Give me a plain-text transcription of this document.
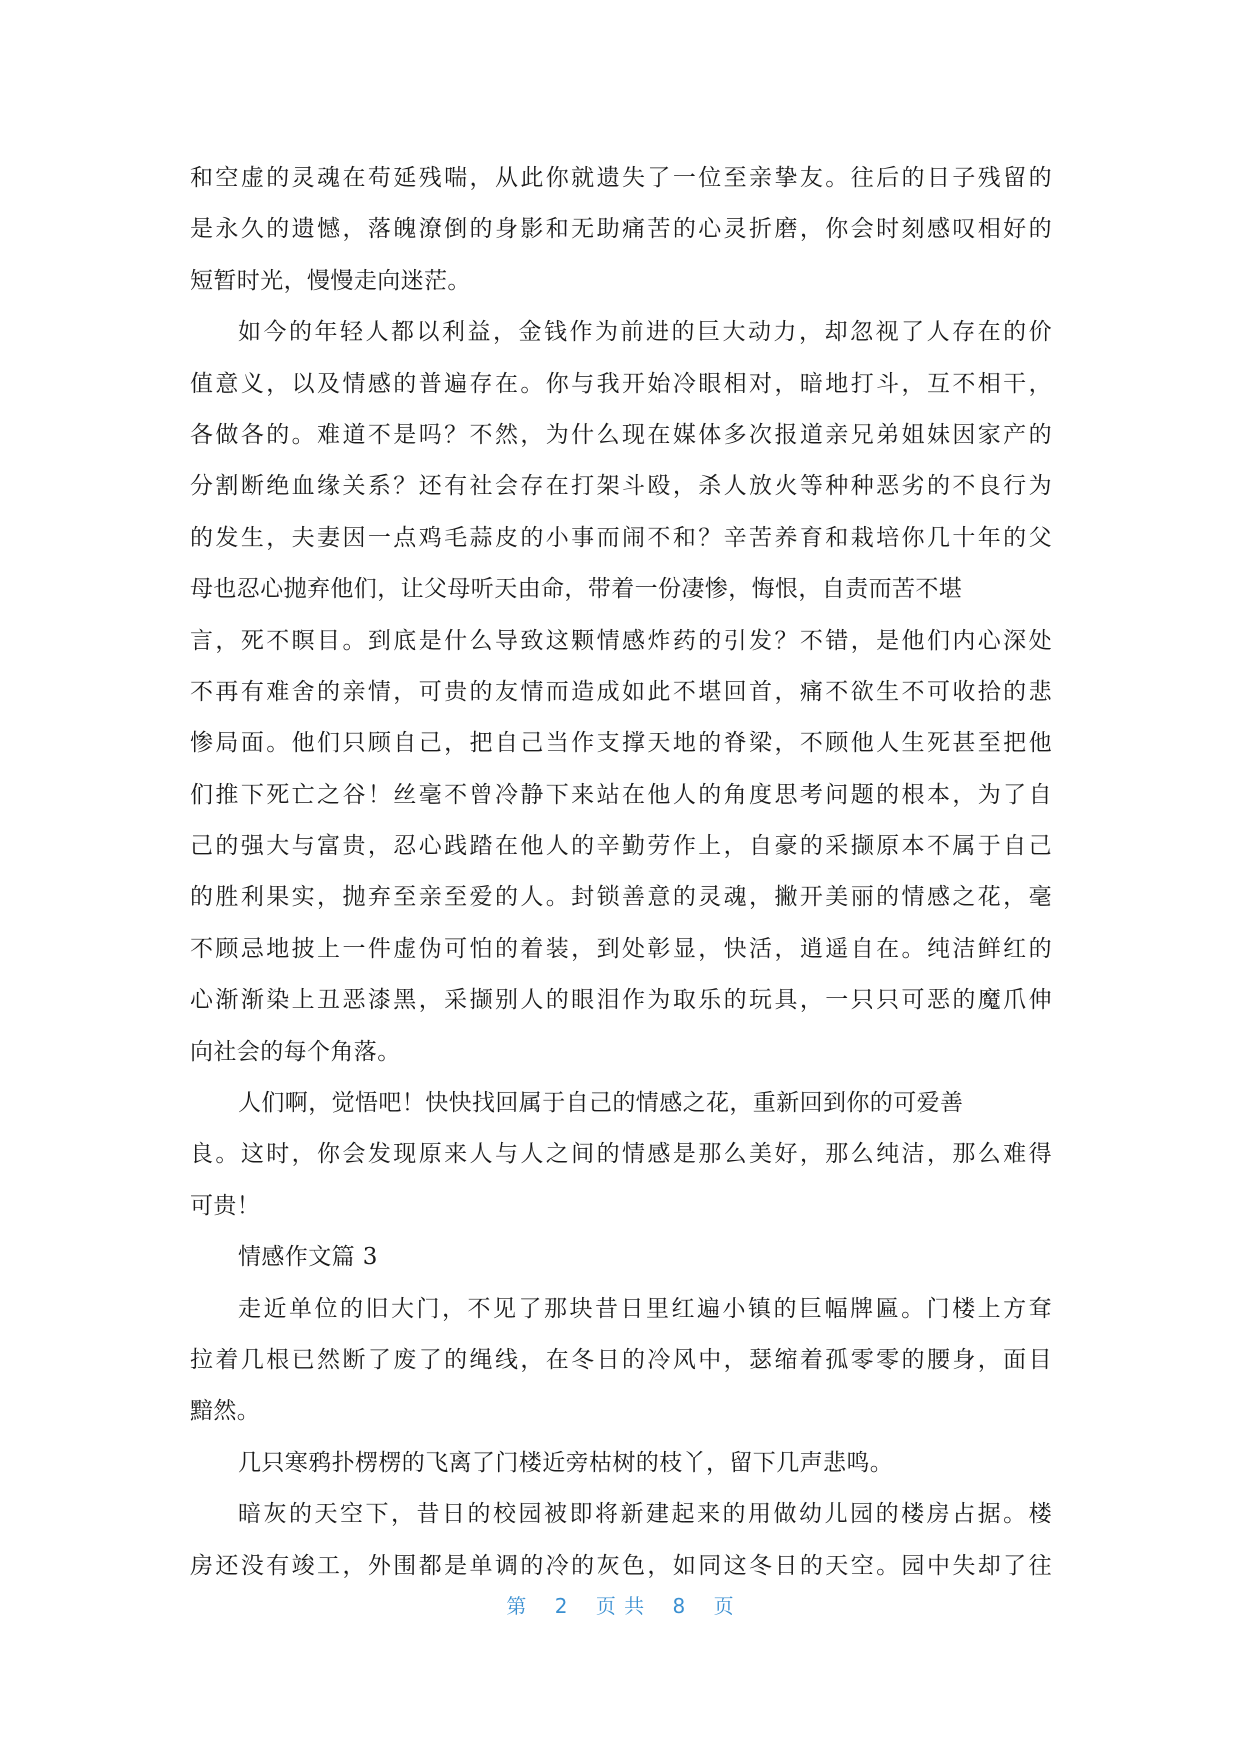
和空虚的灵魂在苟延残喘，从此你就遗失了一位至亲挚友。往后的日子残留的
是永久的遗憾，落魄潦倒的身影和无助痛苦的心灵折磨，你会时刻感叹相好的
短暂时光，慢慢走向迷茫。
如今的年轻人都以利益，金钱作为前进的巨大动力，却忽视了人存在的价
值意义，以及情感的普遍存在。你与我开始冷眼相对，暗地打斗，互不相干，
各做各的。难道不是吗？不然，为什么现在媒体多次报道亲兄弟姐妹因家产的
分割断绝血缘关系？还有社会存在打架斗殴，杀人放火等种种恶劣的不良行为
的发生，夫妻因一点鸡毛蒜皮的小事而闹不和？辛苦养育和栽培你几十年的父
母也忍心抛弃他们，让父母听天由命，带着一份凄惨，悔恨，自责而苦不堪
言，死不瞑目。到底是什么导致这颗情感炸药的引发？不错，是他们内心深处
不再有难舍的亲情，可贵的友情而造成如此不堪回首，痛不欲生不可收拾的悲
惨局面。他们只顾自己，把自己当作支撑天地的脊梁，不顾他人生死甚至把他
们推下死亡之谷！丝毫不曾冷静下来站在他人的角度思考问题的根本，为了自
己的强大与富贵，忍心践踏在他人的辛勤劳作上，自豪的采撷原本不属于自己
的胜利果实，抛弃至亲至爱的人。封锁善意的灵魂，撇开美丽的情感之花，毫
不顾忌地披上一件虚伪可怕的着装，到处彰显，快活，逍遥自在。纯洁鲜红的
心渐渐染上丑恶漆黑，采撷别人的眼泪作为取乐的玩具，一只只可恶的魔爪伸
向社会的每个角落。
人们啊，觉悟吧！快快找回属于自己的情感之花，重新回到你的可爱善
良。这时，你会发现原来人与人之间的情感是那么美好，那么纯洁，那么难得
可贵！
情感作文篇 3
走近单位的旧大门，不见了那块昔日里红遍小镇的巨幅牌匾。门楼上方耷
拉着几根已然断了废了的绳线，在冬日的冷风中，瑟缩着孤零零的腰身，面目
黯然。
几只寒鸦扑楞楞的飞离了门楼近旁枯树的枝丫，留下几声悲鸣。
暗灰的天空下，昔日的校园被即将新建起来的用做幼儿园的楼房占据。楼
房还没有竣工，外围都是单调的冷的灰色，如同这冬日的天空。园中失却了往
第 2 页 共 8 页
